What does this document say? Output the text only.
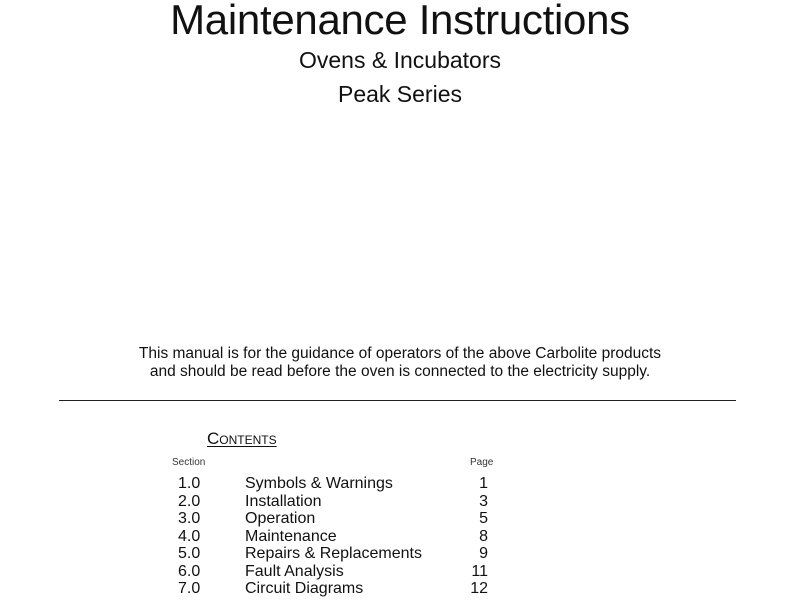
Maintenance Instructions
Ovens & Incubators
Peak Series
This manual is for the guidance of operators of the above Carbolite products
and should be read before the oven is connected to the electricity supply.
Contents
Section	Page
1.0	Symbols & Warnings	1
2.0	Installation	3
3.0	Operation	5
4.0	Maintenance	8
5.0	Repairs & Replacements	9
6.0	Fault Analysis	11
7.0	Circuit Diagrams	12
